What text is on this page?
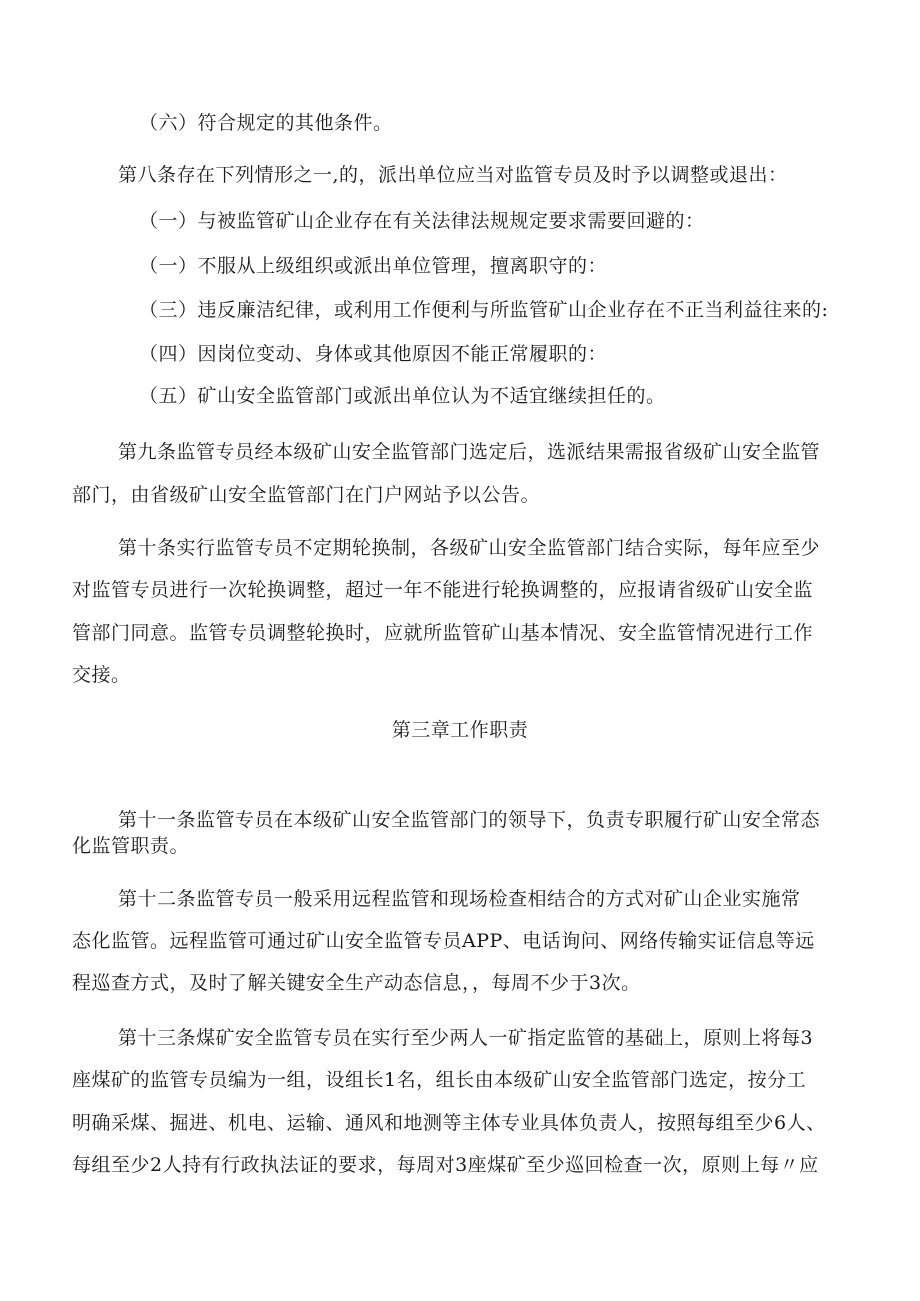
（六）符合规定的其他条件。
第八条存在下列情形之一,的，派出单位应当对监管专员及时予以调整或退出：
（一）与被监管矿山企业存在有关法律法规规定要求需要回避的：
（一）不服从上级组织或派出单位管理，擅离职守的：
（三）违反廉洁纪律，或利用工作便利与所监管矿山企业存在不正当利益往来的:
（四）因岗位变动、身体或其他原因不能正常履职的：
（五）矿山安全监管部门或派出单位认为不适宜继续担任的。
第九条监管专员经本级矿山安全监管部门选定后，选派结果需报省级矿山安全监管
部门，由省级矿山安全监管部门在门户网站予以公告。
第十条实行监管专员不定期轮换制，各级矿山安全监管部门结合实际，每年应至少
对监管专员进行一次轮换调整，超过一年不能进行轮换调整的，应报请省级矿山安全监
管部门同意。监管专员调整轮换时，应就所监管矿山基本情况、安全监管情况进行工作
交接。
第三章工作职责
第十一条监管专员在本级矿山安全监管部门的领导下，负责专职履行矿山安全常态
化监管职责。
第十二条监管专员一般采用远程监管和现场检查相结合的方式对矿山企业实施常
态化监管。远程监管可通过矿山安全监管专员APP、电话询问、网络传输实证信息等远
程巡查方式，及时了解关键安全生产动态信息，，每周不少于3次。
第十三条煤矿安全监管专员在实行至少两人一矿指定监管的基础上，原则上将每3
座煤矿的监管专员编为一组，设组长1名，组长由本级矿山安全监管部门选定，按分工
明确采煤、掘进、机电、运输、通风和地测等主体专业具体负责人，按照每组至少6人、
每组至少2人持有行政执法证的要求，每周对3座煤矿至少巡回检查一次，原则上每〃应
